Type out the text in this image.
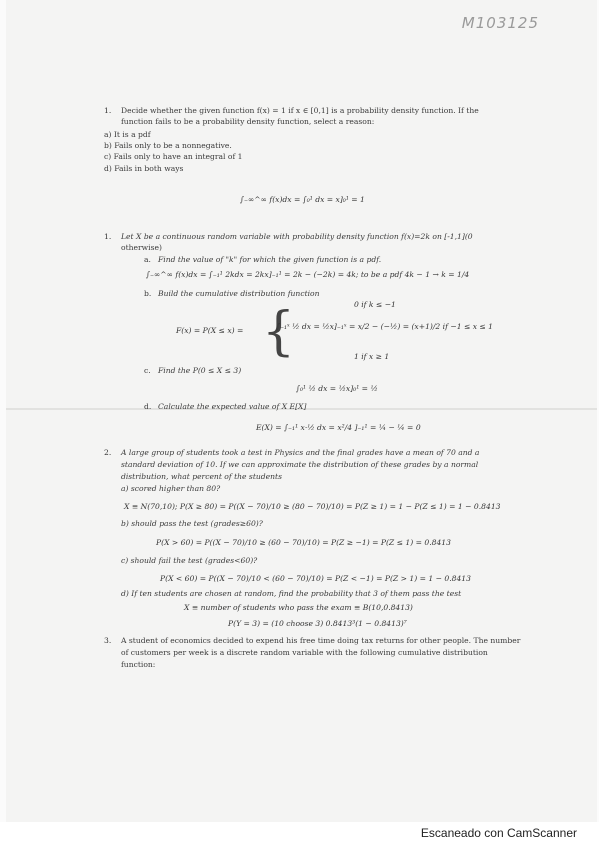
M103125
1. Decide whether the given function f(x) = 1 if x ∈ [0,1] is a probability density function. If the
function fails to be a probability density function, select a reason:
a) It is a pdf
b) Fails only to be a nonnegative.
c) Fails only to have an integral of 1
d) Fails in both ways
∫₋∞^∞ f(x)dx = ∫₀¹ dx = x]₀¹ = 1
1. Let X be a continuous random variable with probability density function f(x)=2k on [-1,1](0
otherwise)
a. Find the value of "k" for which the given function is a pdf.
∫₋∞^∞ f(x)dx = ∫₋₁¹ 2kdx = 2kx]₋₁¹ = 2k − (−2k) = 4k; to be a pdf 4k − 1 → k = 1/4
b. Build the cumulative distribution function
0 if k ≤ −1
{
F(x) = P(X ≤ x) =	∫₋₁ˣ ½ dx = ½x]₋₁ˣ = x/2 − (−½) = (x+1)/2 if −1 ≤ x ≤ 1
1 if x ≥ 1
c. Find the P(0 ≤ X ≤ 3)
∫₀¹ ½ dx = ½x]₀¹ = ½
d. Calculate the expected value of X E[X]
E(X) = ∫₋₁¹ x·½ dx = x²/4 ]₋₁¹ = ¼ − ¼ = 0
2. A large group of students took a test in Physics and the final grades have a mean of 70 and a
standard deviation of 10. If we can approximate the distribution of these grades by a normal
distribution, what percent of the students
a) scored higher than 80?
X ≡ N(70,10); P(X ≥ 80) = P((X − 70)/10 ≥ (80 − 70)/10) = P(Z ≥ 1) = 1 − P(Z ≤ 1) = 1 − 0.8413
b) should pass the test (grades≥60)?
P(X > 60) = P((X − 70)/10 ≥ (60 − 70)/10) = P(Z ≥ −1) = P(Z ≤ 1) = 0.8413
c) should fail the test (grades<60)?
P(X < 60) = P((X − 70)/10 < (60 − 70)/10) = P(Z < −1) = P(Z > 1) = 1 − 0.8413
d) If ten students are chosen at random, find the probability that 3 of them pass the test
X ≡ number of students who pass the exam ≡ B(10,0.8413)
P(Y = 3) = (10 choose 3) 0.8413³(1 − 0.8413)⁷
3. A student of economics decided to expend his free time doing tax returns for other people. The number
of customers per week is a discrete random variable with the following cumulative distribution
function:
Escaneado con CamScanner
